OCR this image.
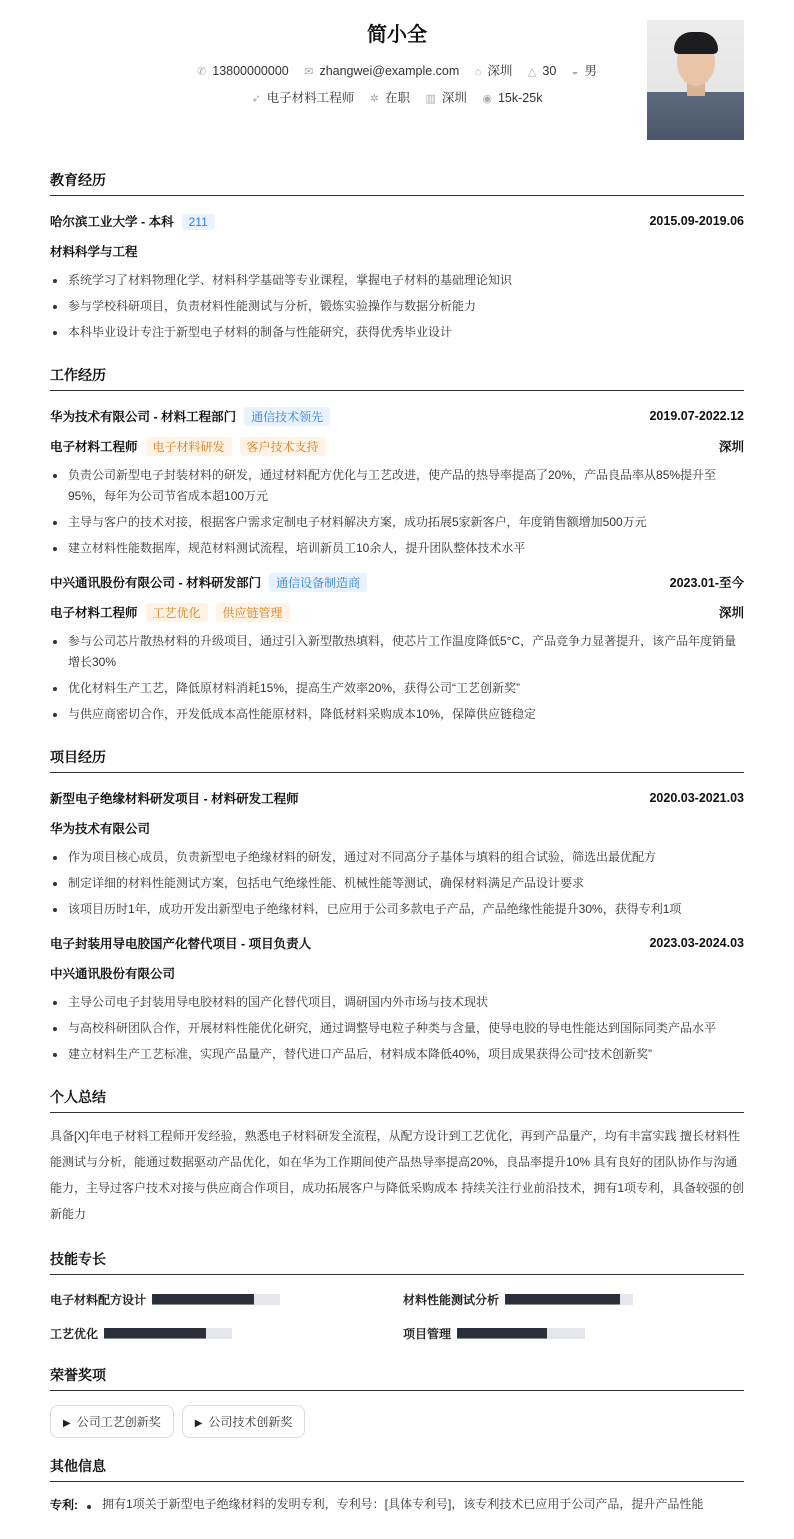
简小全
✆ 13800000000 ✉ zhangwei@example.com ⌂ 深圳 △ 30 ◒ 男
➶ 电子材料工程师 ✲ 在职 ▥ 深圳 ◉ 15k-25k
教育经历
哈尔滨工业大学 - 本科 211	2015.09-2019.06
材料科学与工程
系统学习了材料物理化学、材料科学基础等专业课程，掌握电子材料的基础理论知识
参与学校科研项目，负责材料性能测试与分析，锻炼实验操作与数据分析能力
本科毕业设计专注于新型电子材料的制备与性能研究，获得优秀毕业设计
工作经历
华为技术有限公司 - 材料工程部门 通信技术领先	2019.07-2022.12
电子材料工程师 电子材料研发 客户技术支持	深圳
负责公司新型电子封装材料的研发，通过材料配方优化与工艺改进，使产品的热导率提高了20%，产品良品率从85%提升至95%，每年为公司节省成本超100万元
主导与客户的技术对接，根据客户需求定制电子材料解决方案，成功拓展5家新客户，年度销售额增加500万元
建立材料性能数据库，规范材料测试流程，培训新员工10余人，提升团队整体技术水平
中兴通讯股份有限公司 - 材料研发部门 通信设备制造商	2023.01-至今
电子材料工程师 工艺优化 供应链管理	深圳
参与公司芯片散热材料的升级项目，通过引入新型散热填料，使芯片工作温度降低5°C，产品竞争力显著提升，该产品年度销量增长30%
优化材料生产工艺，降低原材料消耗15%，提高生产效率20%，获得公司“工艺创新奖”
与供应商密切合作，开发低成本高性能原材料，降低材料采购成本10%，保障供应链稳定
项目经历
新型电子绝缘材料研发项目 - 材料研发工程师	2020.03-2021.03
华为技术有限公司
作为项目核心成员，负责新型电子绝缘材料的研发，通过对不同高分子基体与填料的组合试验，筛选出最优配方
制定详细的材料性能测试方案，包括电气绝缘性能、机械性能等测试，确保材料满足产品设计要求
该项目历时1年，成功开发出新型电子绝缘材料，已应用于公司多款电子产品，产品绝缘性能提升30%，获得专利1项
电子封装用导电胶国产化替代项目 - 项目负责人	2023.03-2024.03
中兴通讯股份有限公司
主导公司电子封装用导电胶材料的国产化替代项目，调研国内外市场与技术现状
与高校科研团队合作，开展材料性能优化研究，通过调整导电粒子种类与含量，使导电胶的导电性能达到国际同类产品水平
建立材料生产工艺标准，实现产品量产，替代进口产品后，材料成本降低40%，项目成果获得公司“技术创新奖”
个人总结
具备[X]年电子材料工程师开发经验，熟悉电子材料研发全流程，从配方设计到工艺优化，再到产品量产，均有丰富实践 擅长材料性能测试与分析，能通过数据驱动产品优化，如在华为工作期间使产品热导率提高20%，良品率提升10% 具有良好的团队协作与沟通能力，主导过客户技术对接与供应商合作项目，成功拓展客户与降低采购成本 持续关注行业前沿技术，拥有1项专利，具备较强的创新能力
技能专长
电子材料配方设计	材料性能测试分析
工艺优化	项目管理
荣誉奖项
▶ 公司工艺创新奖	▶ 公司技术创新奖
其他信息
专利:	拥有1项关于新型电子绝缘材料的发明专利，专利号：[具体专利号]，该专利技术已应用于公司产品，提升产品性能
